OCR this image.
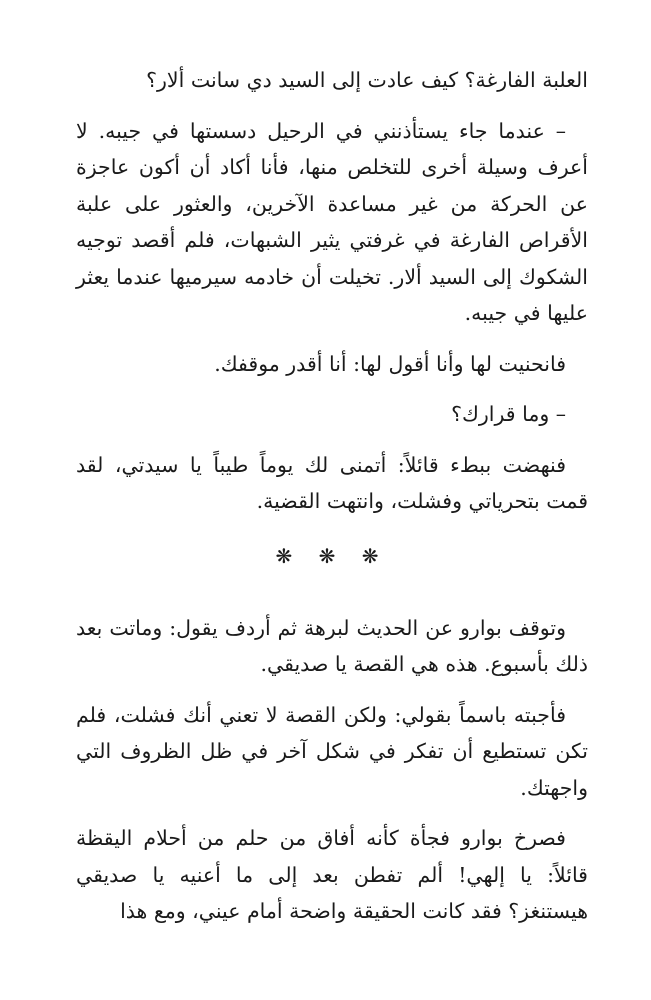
العلبة الفارغة؟ كيف عادت إلى السيد دي سانت ألار؟

– عندما جاء يستأذنني في الرحيل دسستها في جيبه. لا أعرف وسيلة أخرى للتخلص منها، فأنا أكاد أن أكون عاجزة عن الحركة من غير مساعدة الآخرين، والعثور على علبة الأقراص الفارغة في غرفتي يثير الشبهات، فلم أقصد توجيه الشكوك إلى السيد ألار. تخيلت أن خادمه سيرميها عندما يعثر عليها في جيبه.

فانحنيت لها وأنا أقول لها: أنا أقدر موقفك.

– وما قرارك؟

فنهضت ببطء قائلاً: أتمنى لك يوماً طيباً يا سيدتي، لقد قمت بتحرياتي وفشلت، وانتهت القضية.

❋ ❋ ❋

وتوقف بوارو عن الحديث لبرهة ثم أردف يقول: وماتت بعد ذلك بأسبوع. هذه هي القصة يا صديقي.

فأجبته باسماً بقولي: ولكن القصة لا تعني أنك فشلت، فلم تكن تستطيع أن تفكر في شكل آخر في ظل الظروف التي واجهتك.

فصرخ بوارو فجأة كأنه أفاق من حلم من أحلام اليقظة قائلاً: يا إلهي! ألم تفطن بعد إلى ما أعنيه يا صديقي هيستنغز؟ فقد كانت الحقيقة واضحة أمام عيني، ومع هذا
